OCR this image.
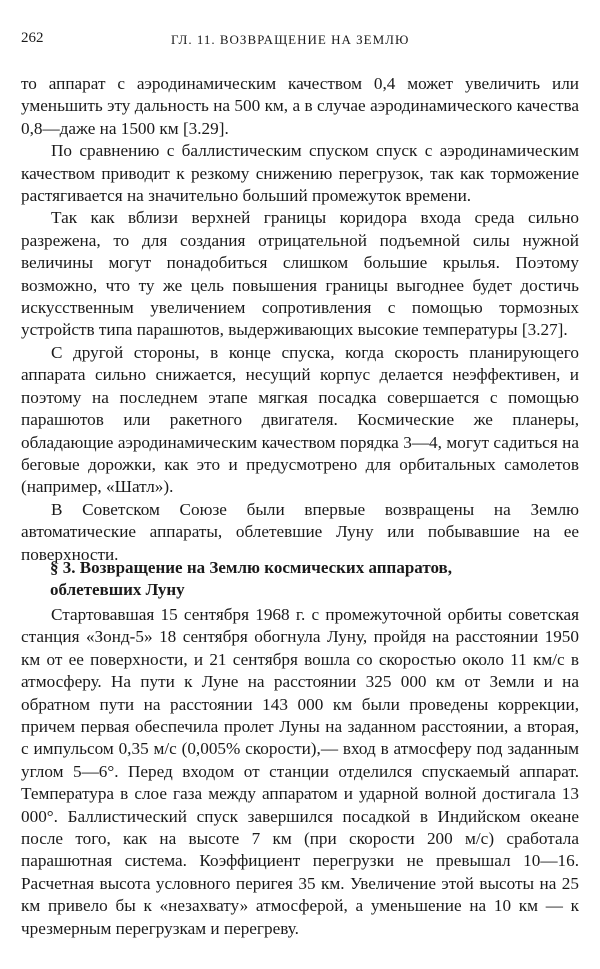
262	ГЛ. 11. ВОЗВРАЩЕНИЕ НА ЗЕМЛЮ

то аппарат с аэродинамическим качеством 0,4 может увеличить или уменьшить эту дальность на 500 км, а в случае аэродинамического качества 0,8—даже на 1500 км [3.29].

По сравнению с баллистическим спуском спуск с аэродинамическим качеством приводит к резкому снижению перегрузок, так как торможение растягивается на значительно больший промежуток времени.

Так как вблизи верхней границы коридора входа среда сильно разрежена, то для создания отрицательной подъемной силы нужной величины могут понадобиться слишком большие крылья. Поэтому возможно, что ту же цель повышения границы выгоднее будет достичь искусственным увеличением сопротивления с помощью тормозных устройств типа парашютов, выдерживающих высокие температуры [3.27].

С другой стороны, в конце спуска, когда скорость планирующего аппарата сильно снижается, несущий корпус делается неэффективен, и поэтому на последнем этапе мягкая посадка совершается с помощью парашютов или ракетного двигателя. Космические же планеры, обладающие аэродинамическим качеством порядка 3—4, могут садиться на беговые дорожки, как это и предусмотрено для орбитальных самолетов (например, «Шатл»).

В Советском Союзе были впервые возвращены на Землю автоматические аппараты, облетевшие Луну или побывавшие на ее поверхности.

§ 3. Возвращение на Землю космических аппаратов,
облетевших Луну

Стартовавшая 15 сентября 1968 г. с промежуточной орбиты советская станция «Зонд-5» 18 сентября обогнула Луну, пройдя на расстоянии 1950 км от ее поверхности, и 21 сентября вошла со скоростью около 11 км/с в атмосферу. На пути к Луне на расстоянии 325 000 км от Земли и на обратном пути на расстоянии 143 000 км были проведены коррекции, причем первая обеспечила пролет Луны на заданном расстоянии, а вторая, с импульсом 0,35 м/с (0,005% скорости),— вход в атмосферу под заданным углом 5—6°. Перед входом от станции отделился спускаемый аппарат. Температура в слое газа между аппаратом и ударной волной достигала 13 000°. Баллистический спуск завершился посадкой в Индийском океане после того, как на высоте 7 км (при скорости 200 м/с) сработала парашютная система. Коэффициент перегрузки не превышал 10—16. Расчетная высота условного перигея 35 км. Увеличение этой высоты на 25 км привело бы к «незахвату» атмосферой, а уменьшение на 10 км — к чрезмерным перегрузкам и перегреву.
